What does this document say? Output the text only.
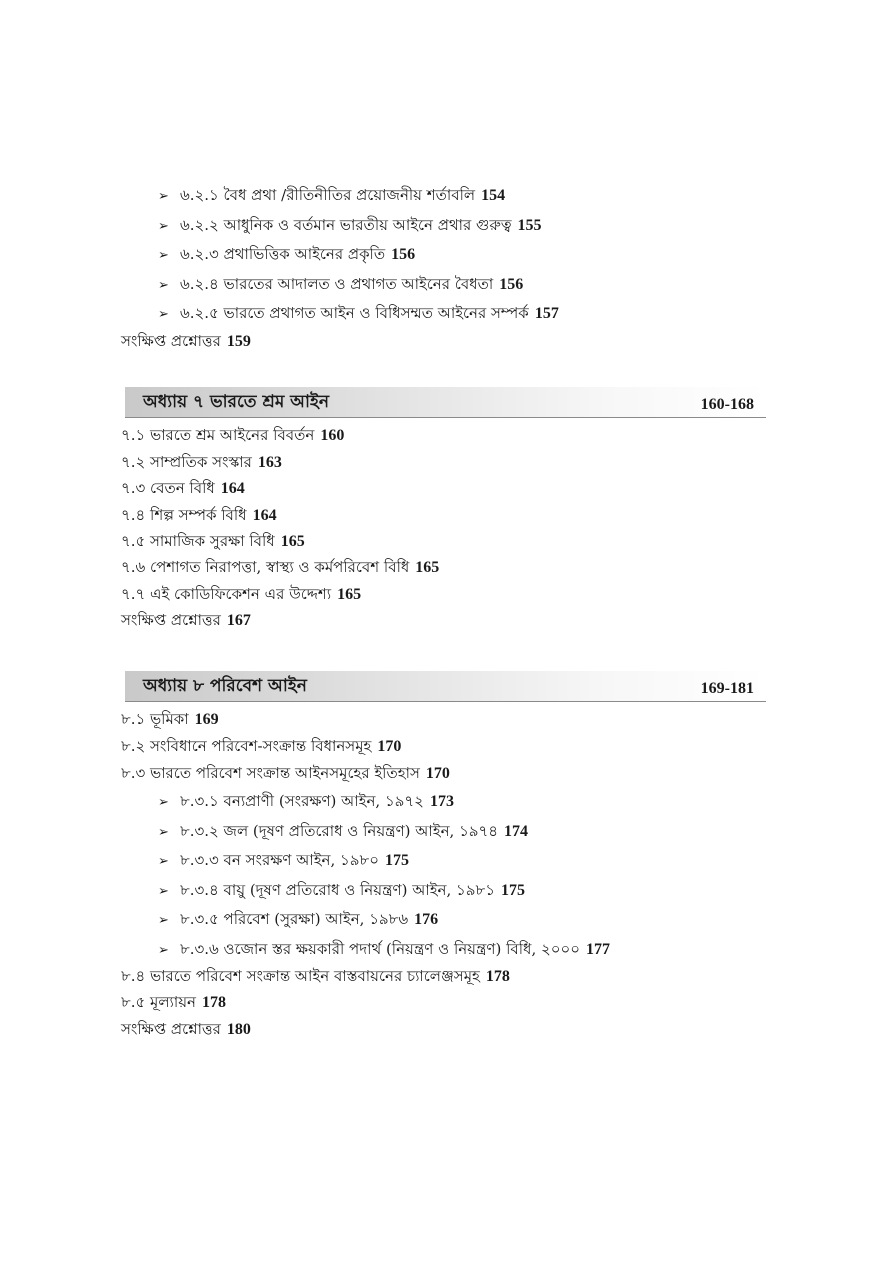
➢ ৬.২.১ বৈধ প্রথা /রীতিনীতির প্রয়োজনীয় শর্তাবলি 154
➢ ৬.২.২ আধুনিক ও বর্তমান ভারতীয় আইনে প্রথার গুরুত্ব 155
➢ ৬.২.৩ প্রথাভিত্তিক আইনের প্রকৃতি 156
➢ ৬.২.৪ ভারতের আদালত ও প্রথাগত আইনের বৈধতা 156
➢ ৬.২.৫ ভারতে প্রথাগত আইন ও বিধিসম্মত আইনের সম্পর্ক 157
সংক্ষিপ্ত প্রশ্নোত্তর 159
অধ্যায় ৭ ভারতে শ্রম আইন	160-168
৭.১ ভারতে শ্রম আইনের বিবর্তন 160
৭.২ সাম্প্রতিক সংস্কার 163
৭.৩ বেতন বিধি 164
৭.৪ শিল্প সম্পর্ক বিধি 164
৭.৫ সামাজিক সুরক্ষা বিধি 165
৭.৬ পেশাগত নিরাপত্তা, স্বাস্থ্য ও কর্মপরিবেশ বিধি 165
৭.৭ এই কোডিফিকেশন এর উদ্দেশ্য 165
সংক্ষিপ্ত প্রশ্নোত্তর 167
অধ্যায় ৮ পরিবেশ আইন	169-181
৮.১ ভূমিকা 169
৮.২ সংবিধানে পরিবেশ-সংক্রান্ত বিধানসমূহ 170
৮.৩ ভারতে পরিবেশ সংক্রান্ত আইনসমূহের ইতিহাস 170
➢ ৮.৩.১ বন্যপ্রাণী (সংরক্ষণ) আইন, ১৯৭২ 173
➢ ৮.৩.২ জল (দূষণ প্রতিরোধ ও নিয়ন্ত্রণ) আইন, ১৯৭৪ 174
➢ ৮.৩.৩ বন সংরক্ষণ আইন, ১৯৮০ 175
➢ ৮.৩.৪ বায়ু (দূষণ প্রতিরোধ ও নিয়ন্ত্রণ) আইন, ১৯৮১ 175
➢ ৮.৩.৫ পরিবেশ (সুরক্ষা) আইন, ১৯৮৬ 176
➢ ৮.৩.৬ ওজোন স্তর ক্ষয়কারী পদার্থ (নিয়ন্ত্রণ ও নিয়ন্ত্রণ) বিধি, ২০০০ 177
৮.৪ ভারতে পরিবেশ সংক্রান্ত আইন বাস্তবায়নের চ্যালেঞ্জসমূহ 178
৮.৫ মূল্যায়ন 178
সংক্ষিপ্ত প্রশ্নোত্তর 180
